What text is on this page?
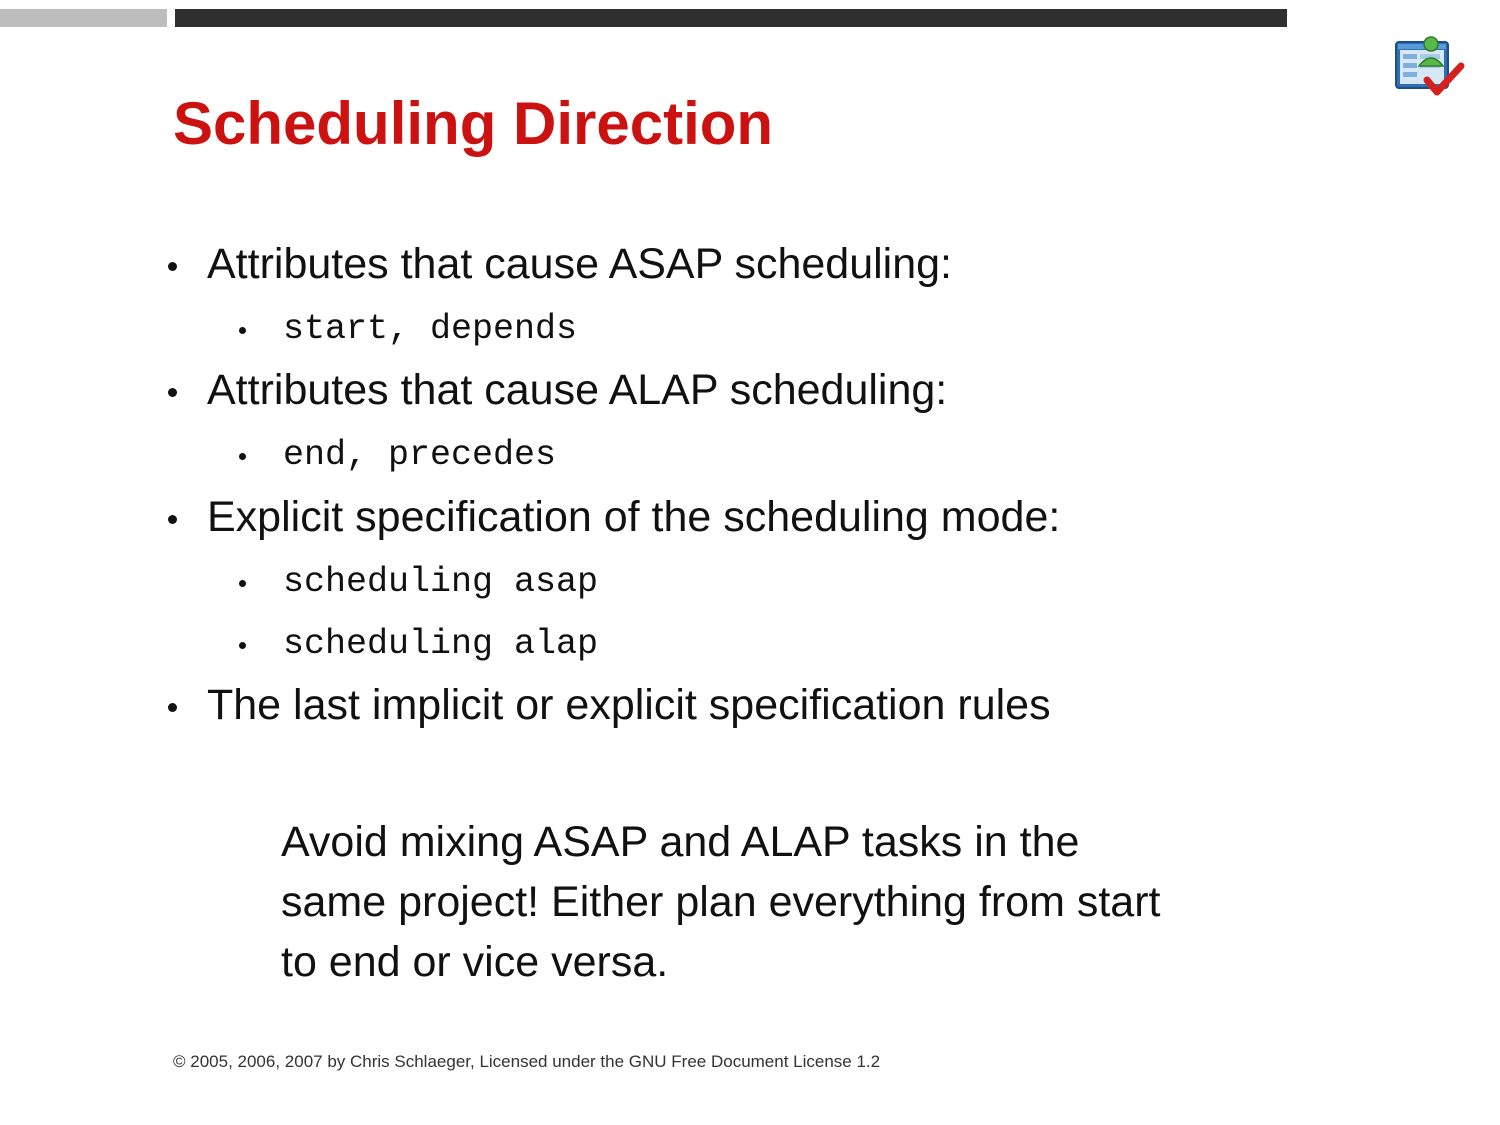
Scheduling Direction
Attributes that cause ASAP scheduling:
start, depends
Attributes that cause ALAP scheduling:
end, precedes
Explicit specification of the scheduling mode:
scheduling asap
scheduling alap
The last implicit or explicit specification rules

Avoid mixing ASAP and ALAP tasks in the
same project! Either plan everything from start
to end or vice versa.

© 2005, 2006, 2007 by Chris Schlaeger, Licensed under the GNU Free Document License 1.2
